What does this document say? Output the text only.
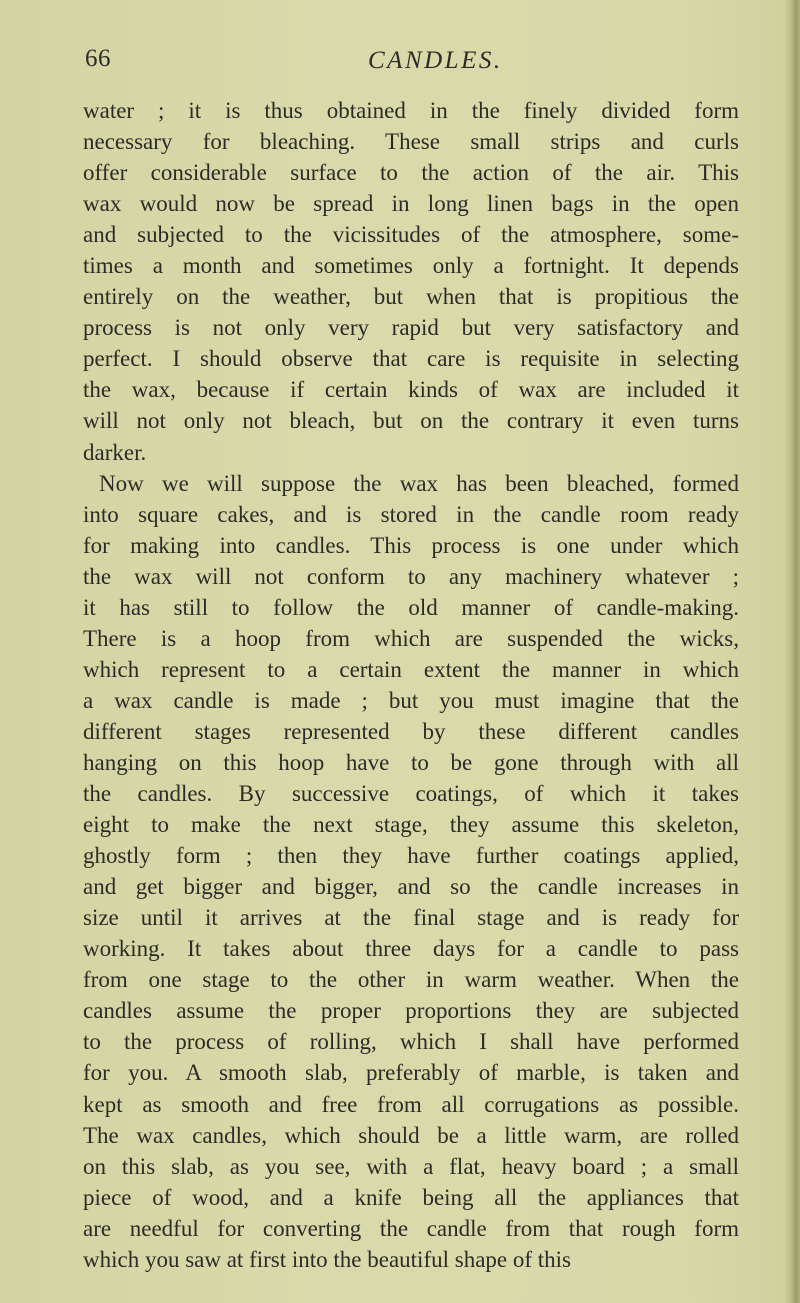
66	CANDLES.
water ; it is thus obtained in the finely divided form
necessary for bleaching. These small strips and curls
offer considerable surface to the action of the air. This
wax would now be spread in long linen bags in the open
and subjected to the vicissitudes of the atmosphere, some-
times a month and sometimes only a fortnight. It depends
entirely on the weather, but when that is propitious the
process is not only very rapid but very satisfactory and
perfect. I should observe that care is requisite in selecting
the wax, because if certain kinds of wax are included it
will not only not bleach, but on the contrary it even turns
darker.
Now we will suppose the wax has been bleached, formed
into square cakes, and is stored in the candle room ready
for making into candles. This process is one under which
the wax will not conform to any machinery whatever ;
it has still to follow the old manner of candle-making.
There is a hoop from which are suspended the wicks,
which represent to a certain extent the manner in which
a wax candle is made ; but you must imagine that the
different stages represented by these different candles
hanging on this hoop have to be gone through with all
the candles. By successive coatings, of which it takes
eight to make the next stage, they assume this skeleton,
ghostly form ; then they have further coatings applied,
and get bigger and bigger, and so the candle increases in
size until it arrives at the final stage and is ready for
working. It takes about three days for a candle to pass
from one stage to the other in warm weather. When the
candles assume the proper proportions they are subjected
to the process of rolling, which I shall have performed
for you. A smooth slab, preferably of marble, is taken and
kept as smooth and free from all corrugations as possible.
The wax candles, which should be a little warm, are rolled
on this slab, as you see, with a flat, heavy board ; a small
piece of wood, and a knife being all the appliances that
are needful for converting the candle from that rough form
which you saw at first into the beautiful shape of this
